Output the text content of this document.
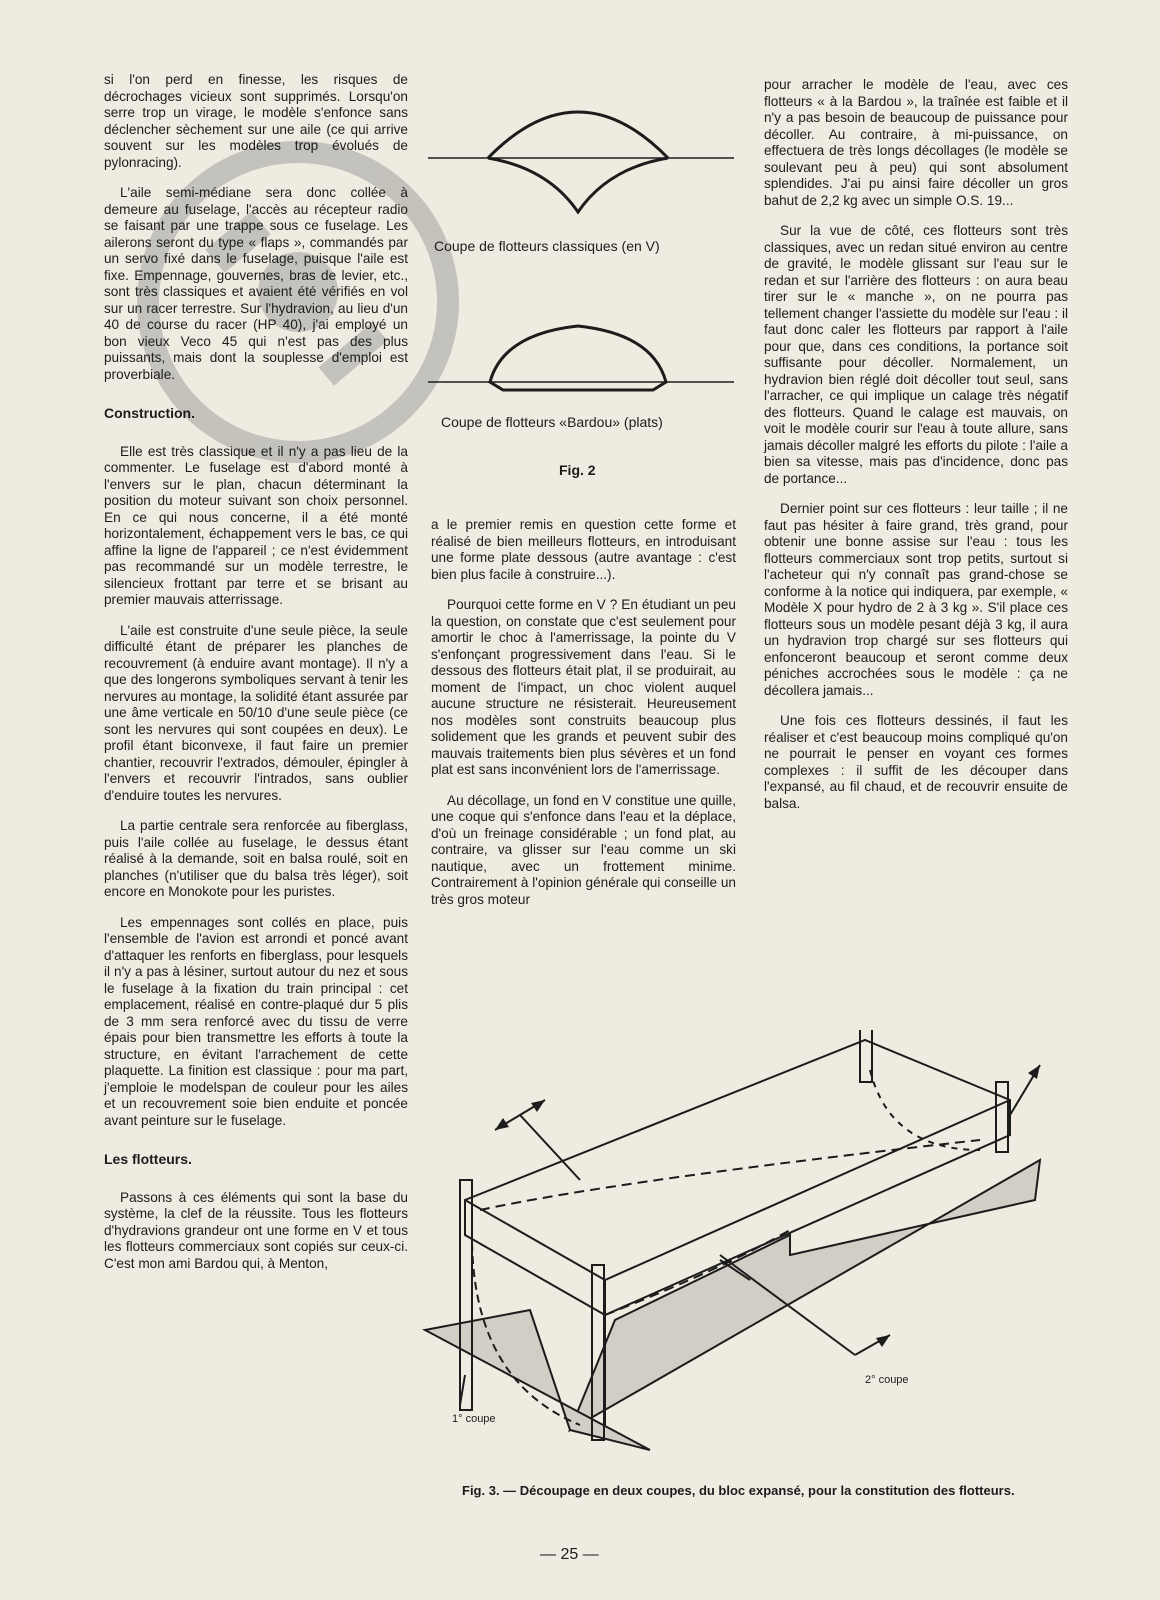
si l'on perd en finesse, les risques de décrochages vicieux sont supprimés. Lorsqu'on serre trop un virage, le modèle s'enfonce sans déclencher sèchement sur une aile (ce qui arrive souvent sur les modèles trop évolués de pylonracing).

L'aile semi-médiane sera donc collée à demeure au fuselage, l'accès au récepteur radio se faisant par une trappe sous ce fuselage. Les ailerons seront du type « flaps », commandés par un servo fixé dans le fuselage, puisque l'aile est fixe. Empennage, gouvernes, bras de levier, etc., sont très classiques et avaient été vérifiés en vol sur un racer terrestre. Sur l'hydravion, au lieu d'un 40 de course du racer (HP 40), j'ai employé un bon vieux Veco 45 qui n'est pas des plus puissants, mais dont la souplesse d'emploi est proverbiale.

Construction.

Elle est très classique et il n'y a pas lieu de la commenter. Le fuselage est d'abord monté à l'envers sur le plan, chacun déterminant la position du moteur suivant son choix personnel. En ce qui nous concerne, il a été monté horizontalement, échappement vers le bas, ce qui affine la ligne de l'appareil ; ce n'est évidemment pas recommandé sur un modèle terrestre, le silencieux frottant par terre et se brisant au premier mauvais atterrissage.

L'aile est construite d'une seule pièce, la seule difficulté étant de préparer les planches de recouvrement (à enduire avant montage). Il n'y a que des longerons symboliques servant à tenir les nervures au montage, la solidité étant assurée par une âme verticale en 50/10 d'une seule pièce (ce sont les nervures qui sont coupées en deux). Le profil étant biconvexe, il faut faire un premier chantier, recouvrir l'extrados, démouler, épingler à l'envers et recouvrir l'intrados, sans oublier d'enduire toutes les nervures.

La partie centrale sera renforcée au fiberglass, puis l'aile collée au fuselage, le dessus étant réalisé à la demande, soit en balsa roulé, soit en planches (n'utiliser que du balsa très léger), soit encore en Monokote pour les puristes.

Les empennages sont collés en place, puis l'ensemble de l'avion est arrondi et poncé avant d'attaquer les renforts en fiberglass, pour lesquels il n'y a pas à lésiner, surtout autour du nez et sous le fuselage à la fixation du train principal : cet emplacement, réalisé en contre-plaqué dur 5 plis de 3 mm sera renforcé avec du tissu de verre épais pour bien transmettre les efforts à toute la structure, en évitant l'arrachement de cette plaquette. La finition est classique : pour ma part, j'emploie le modelspan de couleur pour les ailes et un recouvrement soie bien enduite et poncée avant peinture sur le fuselage.

Les flotteurs.

Passons à ces éléments qui sont la base du système, la clef de la réussite. Tous les flotteurs d'hydravions grandeur ont une forme en V et tous les flotteurs commerciaux sont copiés sur ceux-ci. C'est mon ami Bardou qui, à Menton,

Coupe de flotteurs classiques (en V)
Coupe de flotteurs «Bardou» (plats)
Fig. 2

a le premier remis en question cette forme et réalisé de bien meilleurs flotteurs, en introduisant une forme plate dessous (autre avantage : c'est bien plus facile à construire...).

Pourquoi cette forme en V ? En étudiant un peu la question, on constate que c'est seulement pour amortir le choc à l'amerrissage, la pointe du V s'enfonçant progressivement dans l'eau. Si le dessous des flotteurs était plat, il se produirait, au moment de l'impact, un choc violent auquel aucune structure ne résisterait. Heureusement nos modèles sont construits beaucoup plus solidement que les grands et peuvent subir des mauvais traitements bien plus sévères et un fond plat est sans inconvénient lors de l'amerrissage.

Au décollage, un fond en V constitue une quille, une coque qui s'enfonce dans l'eau et la déplace, d'où un freinage considérable ; un fond plat, au contraire, va glisser sur l'eau comme un ski nautique, avec un frottement minime. Contrairement à l'opinion générale qui conseille un très gros moteur

pour arracher le modèle de l'eau, avec ces flotteurs « à la Bardou », la traînée est faible et il n'y a pas besoin de beaucoup de puissance pour décoller. Au contraire, à mi-puissance, on effectuera de très longs décollages (le modèle se soulevant peu à peu) qui sont absolument splendides. J'ai pu ainsi faire décoller un gros bahut de 2,2 kg avec un simple O.S. 19...

Sur la vue de côté, ces flotteurs sont très classiques, avec un redan situé environ au centre de gravité, le modèle glissant sur l'eau sur le redan et sur l'arrière des flotteurs : on aura beau tirer sur le « manche », on ne pourra pas tellement changer l'assiette du modèle sur l'eau : il faut donc caler les flotteurs par rapport à l'aile pour que, dans ces conditions, la portance soit suffisante pour décoller. Normalement, un hydravion bien réglé doit décoller tout seul, sans l'arracher, ce qui implique un calage très négatif des flotteurs. Quand le calage est mauvais, on voit le modèle courir sur l'eau à toute allure, sans jamais décoller malgré les efforts du pilote : l'aile a bien sa vitesse, mais pas d'incidence, donc pas de portance...

Dernier point sur ces flotteurs : leur taille ; il ne faut pas hésiter à faire grand, très grand, pour obtenir une bonne assise sur l'eau : tous les flotteurs commerciaux sont trop petits, surtout si l'acheteur qui n'y connaît pas grand-chose se conforme à la notice qui indiquera, par exemple, « Modèle X pour hydro de 2 à 3 kg ». S'il place ces flotteurs sous un modèle pesant déjà 3 kg, il aura un hydravion trop chargé sur ses flotteurs qui enfonceront beaucoup et seront comme deux péniches accrochées sous le modèle : ça ne décollera jamais...

Une fois ces flotteurs dessinés, il faut les réaliser et c'est beaucoup moins compliqué qu'on ne pourrait le penser en voyant ces formes complexes : il suffit de les découper dans l'expansé, au fil chaud, et de recouvrir ensuite de balsa.

1° coupe
2° coupe
Fig. 3. — Découpage en deux coupes, du bloc expansé, pour la constitution des flotteurs.
— 25 —
